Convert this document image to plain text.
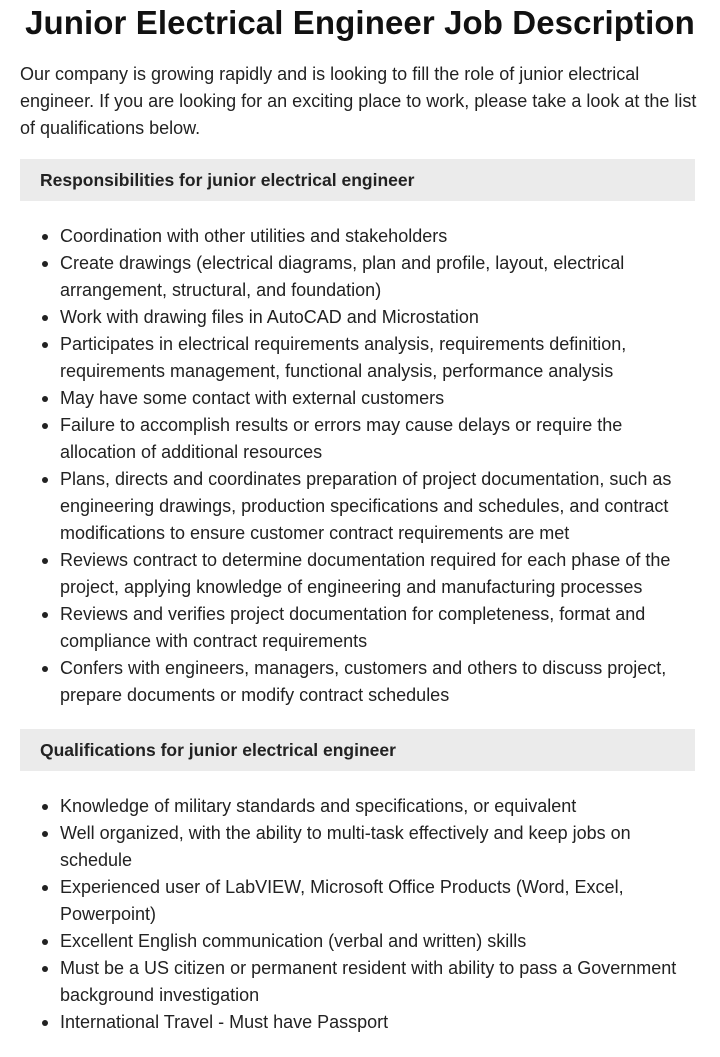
Junior Electrical Engineer Job Description

Our company is growing rapidly and is looking to fill the role of junior electrical engineer. If you are looking for an exciting place to work, please take a look at the list of qualifications below.

Responsibilities for junior electrical engineer
Coordination with other utilities and stakeholders
Create drawings (electrical diagrams, plan and profile, layout, electrical arrangement, structural, and foundation)
Work with drawing files in AutoCAD and Microstation
Participates in electrical requirements analysis, requirements definition, requirements management, functional analysis, performance analysis
May have some contact with external customers
Failure to accomplish results or errors may cause delays or require the allocation of additional resources
Plans, directs and coordinates preparation of project documentation, such as engineering drawings, production specifications and schedules, and contract modifications to ensure customer contract requirements are met
Reviews contract to determine documentation required for each phase of the project, applying knowledge of engineering and manufacturing processes
Reviews and verifies project documentation for completeness, format and compliance with contract requirements
Confers with engineers, managers, customers and others to discuss project, prepare documents or modify contract schedules
Qualifications for junior electrical engineer
Knowledge of military standards and specifications, or equivalent
Well organized, with the ability to multi-task effectively and keep jobs on schedule
Experienced user of LabVIEW, Microsoft Office Products (Word, Excel, Powerpoint)
Excellent English communication (verbal and written) skills
Must be a US citizen or permanent resident with ability to pass a Government background investigation
International Travel - Must have Passport
